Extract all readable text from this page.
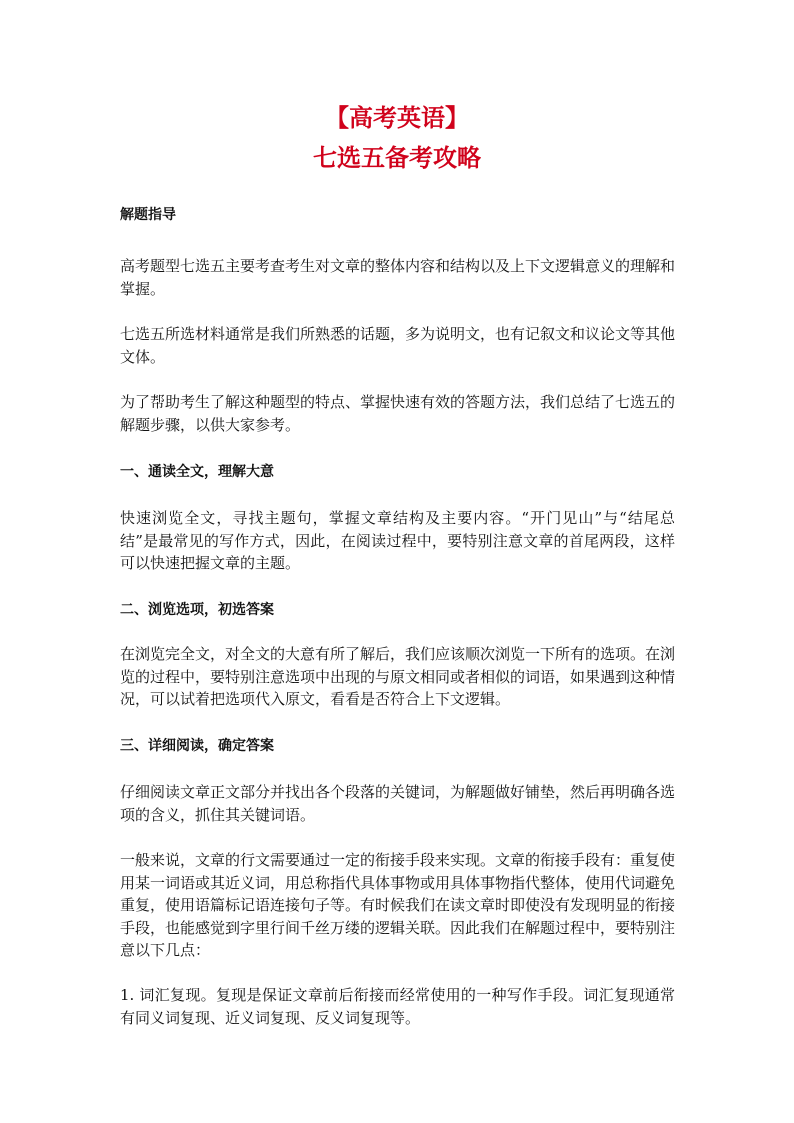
【高考英语】
七选五备考攻略
解题指导

高考题型七选五主要考查考生对文章的整体内容和结构以及上下文逻辑意义的理解和掌握。

七选五所选材料通常是我们所熟悉的话题，多为说明文，也有记叙文和议论文等其他文体。

为了帮助考生了解这种题型的特点、掌握快速有效的答题方法，我们总结了七选五的解题步骤，以供大家参考。

一、通读全文，理解大意

快速浏览全文，寻找主题句，掌握文章结构及主要内容。“开门见山”与“结尾总结”是最常见的写作方式，因此，在阅读过程中，要特别注意文章的首尾两段，这样可以快速把握文章的主题。

二、浏览选项，初选答案

在浏览完全文，对全文的大意有所了解后，我们应该顺次浏览一下所有的选项。在浏览的过程中，要特别注意选项中出现的与原文相同或者相似的词语，如果遇到这种情况，可以试着把选项代入原文，看看是否符合上下文逻辑。

三、详细阅读，确定答案

仔细阅读文章正文部分并找出各个段落的关键词，为解题做好铺垫，然后再明确各选项的含义，抓住其关键词语。

一般来说，文章的行文需要通过一定的衔接手段来实现。文章的衔接手段有：重复使用某一词语或其近义词，用总称指代具体事物或用具体事物指代整体，使用代词避免重复，使用语篇标记语连接句子等。有时候我们在读文章时即使没有发现明显的衔接手段，也能感觉到字里行间千丝万缕的逻辑关联。因此我们在解题过程中，要特别注意以下几点：

1. 词汇复现。复现是保证文章前后衔接而经常使用的一种写作手段。词汇复现通常有同义词复现、近义词复现、反义词复现等。
